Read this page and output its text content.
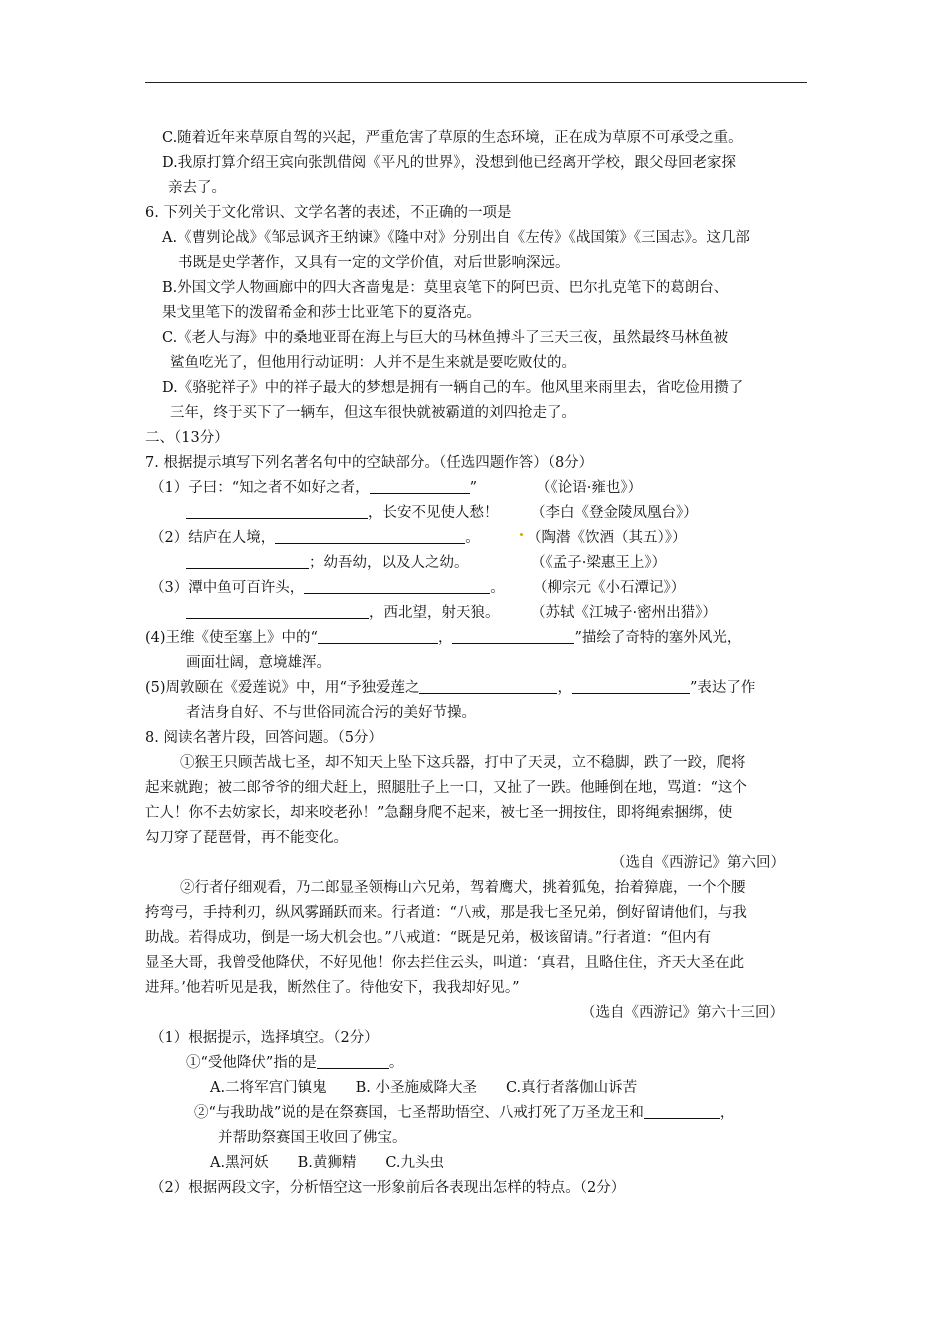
C.随着近年来草原自驾的兴起，严重危害了草原的生态环境，正在成为草原不可承受之重。
D.我原打算介绍王宾向张凯借阅《平凡的世界》，没想到他已经离开学校，跟父母回老家探
亲去了。
6. 下列关于文化常识、文学名著的表述，不正确的一项是
A.《曹刿论战》《邹忌讽齐王纳谏》《隆中对》分别出自《左传》《战国策》《三国志》。这几部
书既是史学著作，又具有一定的文学价值，对后世影响深远。
B.外国文学人物画廊中的四大吝啬鬼是：莫里哀笔下的阿巴贡、巴尔扎克笔下的葛朗台、
果戈里笔下的泼留希金和莎士比亚笔下的夏洛克。
C.《老人与海》中的桑地亚哥在海上与巨大的马林鱼搏斗了三天三夜，虽然最终马林鱼被
鲨鱼吃光了，但他用行动证明：人并不是生来就是要吃败仗的。
D.《骆驼祥子》中的祥子最大的梦想是拥有一辆自己的车。他风里来雨里去，省吃俭用攒了
三年，终于买下了一辆车，但这车很快就被霸道的刘四抢走了。
二、（13分）
7. 根据提示填写下列名著名句中的空缺部分。（任选四题作答）（8分）
（1）子曰：“知之者不如好之者，	”	（《论语·雍也》）
，长安不见使人愁！ （李白《登金陵凤凰台》）
（2）结庐在人境，	。	（陶潜《饮酒（其五）》）
；幼吾幼，以及人之幼。	（《孟子·梁惠王上》）
（3）潭中鱼可百许头，	。 （柳宗元《小石潭记》）
，西北望，射天狼。 （苏轼《江城子·密州出猎》）
(4)王维《使至塞上》中的“	，	”描绘了奇特的塞外风光，
画面壮阔，意境雄浑。
(5)周敦颐在《爱莲说》中，用“予独爱莲之	，	”表达了作
者洁身自好、不与世俗同流合污的美好节操。
8. 阅读名著片段，回答问题。（5分）
①猴王只顾苦战七圣，却不知天上坠下这兵器，打中了天灵，立不稳脚，跌了一跤，爬将
起来就跑；被二郎爷爷的细犬赶上，照腿肚子上一口，又扯了一跌。他睡倒在地，骂道：“这个
亡人！你不去妨家长，却来咬老孙！”急翻身爬不起来，被七圣一拥按住，即将绳索捆绑，使
勾刀穿了琵琶骨，再不能变化。
（选自《西游记》第六回）
②行者仔细观看，乃二郎显圣领梅山六兄弟，驾着鹰犬，挑着狐兔，抬着獐鹿，一个个腰
挎弯弓，手持利刃，纵风雾踊跃而来。行者道：“八戒，那是我七圣兄弟，倒好留请他们，与我
助战。若得成功，倒是一场大机会也。”八戒道：“既是兄弟，极该留请。”行者道：“但内有
显圣大哥，我曾受他降伏，不好见他！你去拦住云头，叫道：‘真君，且略住住，齐天大圣在此
进拜。’他若听见是我，断然住了。待他安下，我我却好见。”
（选自《西游记》第六十三回）
（1）根据提示，选择填空。（2分）
①“受他降伏”指的是	。
A.二将军宫门镇鬼　　B. 小圣施威降大圣　　C.真行者落伽山诉苦
②“与我助战”说的是在祭赛国，七圣帮助悟空、八戒打死了万圣龙王和	，
并帮助祭赛国王收回了佛宝。
A.黑河妖　　B.黄狮精　　C.九头虫
（2）根据两段文字，分析悟空这一形象前后各表现出怎样的特点。（2分）
